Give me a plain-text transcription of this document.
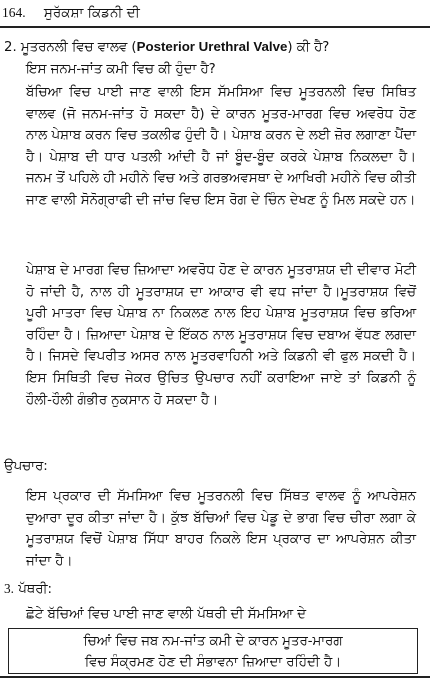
164. ਸੁਰੱਕਸ਼ਾ ਕਿਡਨੀ ਦੀ
2. ਮੂਤਰਨਲੀ ਵਿਚ ਵਾਲਵ (Posterior Urethral Valve) ਕੀ ਹੈ?
ਇਸ ਜਨਮ-ਜਾਂਤ ਕਮੀ ਵਿਚ ਕੀ ਹੁੰਦਾ ਹੈ?
ਬੱਚਿਆ ਵਿਚ ਪਾਈ ਜਾਣ ਵਾਲੀ ਇਸ ਸੱਮਸਿਆ ਵਿਚ ਮੂਤਰਨਲੀ ਵਿਚ ਸਿਥਿਤ ਵਾਲਵ (ਜੋ ਜਨਮ-ਜਾਂਤ ਹੋ ਸਕਦਾ ਹੈ) ਦੇ ਕਾਰਨ ਮੂਤਰ-ਮਾਰਗ ਵਿਚ ਅਵਰੋਧ ਹੋਣ ਨਾਲ ਪੇਸ਼ਾਬ ਕਰਨ ਵਿਚ ਤਕਲੀਫ ਹੁੰਦੀ ਹੈ। ਪੇਸ਼ਾਬ ਕਰਨ ਦੇ ਲਈ ਜ਼ੋਰ ਲਗਾਣਾ ਪੈਂਦਾ ਹੈ। ਪੇਸ਼ਾਬ ਦੀ ਧਾਰ ਪਤਲੀ ਆਂਦੀ ਹੈ ਜਾਂ ਬੂੰਦ-ਬੂੰਦ ਕਰਕੇ ਪੇਸ਼ਾਬ ਨਿਕਲਦਾ ਹੈ। ਜਨਮ ਤੋਂ ਪਹਿਲੇ ਹੀ ਮਹੀਨੇ ਵਿਚ ਅਤੇ ਗਰਭਅਵਸਥਾ ਦੇ ਆਖਿਰੀ ਮਹੀਨੇ ਵਿਚ ਕੀਤੀ ਜਾਣ ਵਾਲੀ ਸੋਨੋਗ੍ਰਾਫੀ ਦੀ ਜਾਂਚ ਵਿਚ ਇਸ ਰੋਗ ਦੇ ਚਿੰਨ ਦੇਖਣ ਨੂੰ ਮਿਲ ਸਕਦੇ ਹਨ।
ਪੇਸ਼ਾਬ ਦੇ ਮਾਰਗ ਵਿਚ ਜ਼ਿਆਦਾ ਅਵਰੋਧ ਹੋਣ ਦੇ ਕਾਰਨ ਮੂਤਰਾਸ਼ਯ ਦੀ ਦੀਵਾਰ ਮੋਟੀ ਹੋ ਜਾਂਦੀ ਹੈ, ਨਾਲ ਹੀ ਮੂਤਰਾਸ਼ਯ ਦਾ ਆਕਾਰ ਵੀ ਵਧ ਜਾਂਦਾ ਹੈ।ਮੂਤਰਾਸ਼ਯ ਵਿਚੋਂ ਪੂਰੀ ਮਾਤਰਾ ਵਿਚ ਪੇਸ਼ਾਬ ਨਾ ਨਿਕਲਣ ਨਾਲ ਇਹ ਪੇਸ਼ਾਬ ਮੂਤਰਾਸ਼ਯ ਵਿਚ ਭਰਿਆ ਰਹਿੰਦਾ ਹੈ। ਜ਼ਿਆਦਾ ਪੇਸ਼ਾਬ ਦੇ ਇੱਕਠ ਨਾਲ ਮੂਤਰਾਸ਼ਯ ਵਿਚ ਦਬਾਅ ਵੱਧਣ ਲਗਦਾ ਹੈ। ਜਿਸਦੇ ਵਿਪਰੀਤ ਅਸਰ ਨਾਲ ਮੂਤਰਵਾਹਿਨੀ ਅਤੇ ਕਿਡਨੀ ਵੀ ਫੁਲ ਸਕਦੀ ਹੈ।ਇਸ ਸਿਥਿਤੀ ਵਿਚ ਜੇਕਰ ਉਚਿਤ ਉਪਚਾਰ ਨਹੀਂ ਕਰਾਇਆ ਜਾਏ ਤਾਂ ਕਿਡਨੀ ਨੂੰ ਹੌਲੀ-ਹੌਲੀ ਗੰਭੀਰ ਨੁਕਸਾਨ ਹੋ ਸਕਦਾ ਹੈ।
ਉਪਚਾਰ:
ਇਸ ਪ੍ਰਕਾਰ ਦੀ ਸੱਮਸਿਆ ਵਿਚ ਮੂਤਰਨਲੀ ਵਿਚ ਸਿੱਥਤ ਵਾਲਵ ਨੂੰ ਆਪਰੇਸ਼ਨ ਦੁਆਰਾ ਦੂਰ ਕੀਤਾ ਜਾਂਦਾ ਹੈ। ਕੁੱਝ ਬੱਚਿਆਂ ਵਿਚ ਪੇਡੂ ਦੇ ਭਾਗ ਵਿਚ ਚੀਰਾ ਲਗਾ ਕੇ ਮੂਤਰਾਸ਼ਯ ਵਿਚੋਂ ਪੇਸ਼ਾਬ ਸਿੱਧਾ ਬਾਹਰ ਨਿਕਲੇ ਇਸ ਪ੍ਰਕਾਰ ਦਾ ਆਪਰੇਸ਼ਨ ਕੀਤਾ ਜਾਂਦਾ ਹੈ।
3. ਪੱਥਰੀ:
ਛੋਟੇ ਬੱਚਿਆਂ ਵਿਚ ਪਾਈ ਜਾਣ ਵਾਲੀ ਪੱਥਰੀ ਦੀ ਸੱਮਸਿਆ ਦੇ
ਚਿਆਂ ਵਿਚ ਜਬ ਨਮ-ਜਾਂਤ ਕਮੀ ਦੇ ਕਾਰਨ ਮੂਤਰ-ਮਾਰਗ
ਵਿਚ ਸੰਕ੍ਰਮਣ ਹੋਣ ਦੀ ਸੰਭਾਵਨਾ ਜ਼ਿਆਦਾ ਰਹਿੰਦੀ ਹੈ।
